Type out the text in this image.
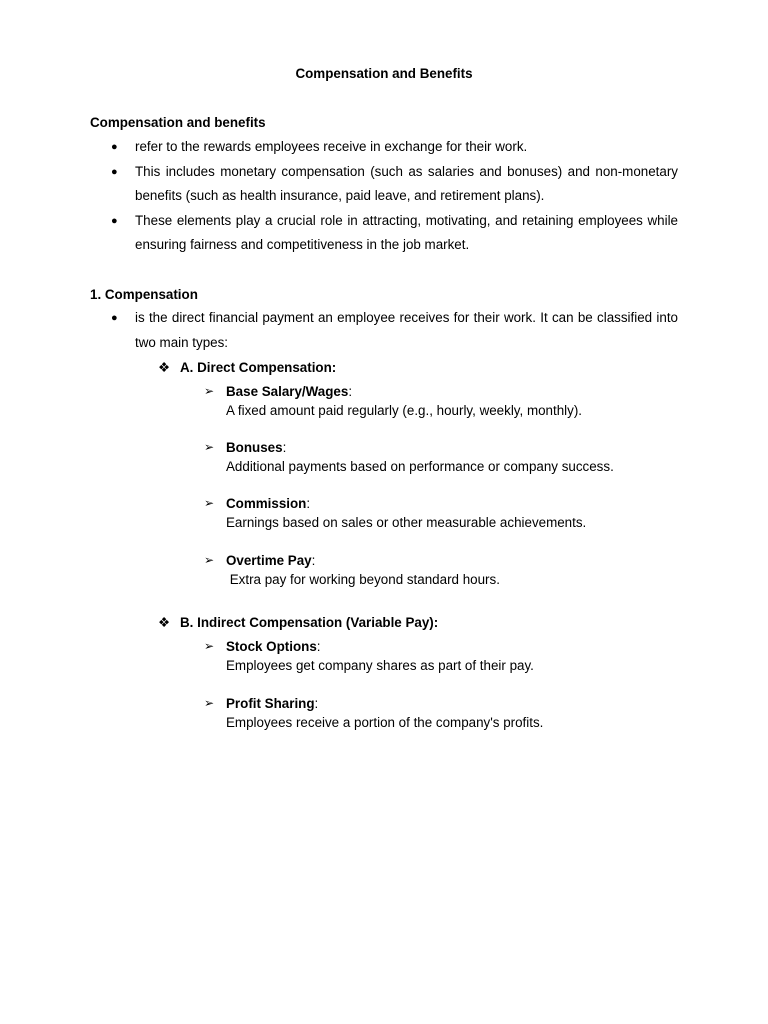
Compensation and Benefits
Compensation and benefits
● refer to the rewards employees receive in exchange for their work.
● This includes monetary compensation (such as salaries and bonuses) and non-monetary benefits (such as health insurance, paid leave, and retirement plans).
● These elements play a crucial role in attracting, motivating, and retaining employees while ensuring fairness and competitiveness in the job market.
1. Compensation
● is the direct financial payment an employee receives for their work. It can be classified into two main types:
❖ A. Direct Compensation:
➢ Base Salary/Wages:
A fixed amount paid regularly (e.g., hourly, weekly, monthly).
➢ Bonuses:
Additional payments based on performance or company success.
➢ Commission:
Earnings based on sales or other measurable achievements.
➢ Overtime Pay:
Extra pay for working beyond standard hours.
❖ B. Indirect Compensation (Variable Pay):
➢ Stock Options:
Employees get company shares as part of their pay.
➢ Profit Sharing:
Employees receive a portion of the company's profits.
